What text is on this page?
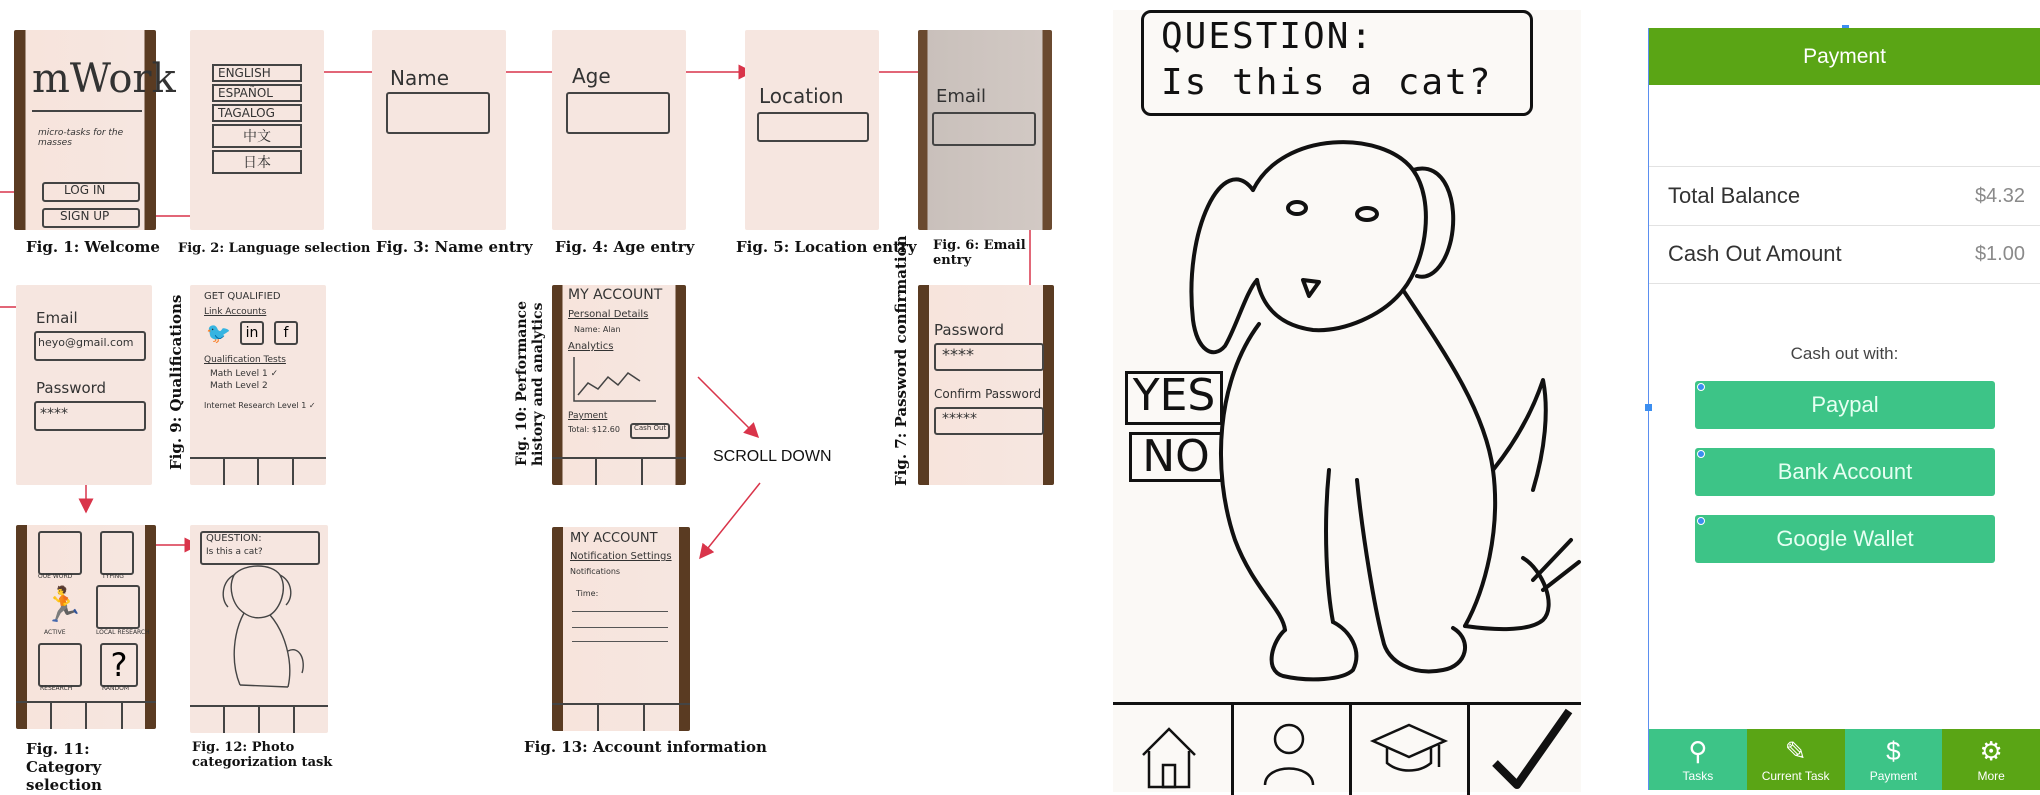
mWork
micro-tasks for the masses
LOG IN
SIGN UP
Fig. 1: Welcome
ENGLISH
ESPAÑOL
TAGALOG
中文
日本
Fig. 2: Language selection
Name
Fig. 3: Name entry
Age
Fig. 4: Age entry
Location
Fig. 5: Location entry
Email
Fig. 6: Email entry
Email
heyo@gmail.com
Password
****	Fig. 9: Qualifications GET QUALIFIED
Link Accounts
🐦	in	f
Qualification Tests
Math Level 1 ✓
Math Level 2
Internet Research Level 1 ✓	Fig. 10: Performance history and analytics
MY ACCOUNT
Personal Details
Name: Alan
Analytics
Payment
Total: $12.60 Cash Out
SCROLL DOWN	Fig. 7: Password confirmation Password
****
Confirm Password
*****
OUE WORD	TYPING
🏃
ACTIVE	LOCAL RESEARCH
RESEARCH
?
RANDOM
Fig. 11: Category selection
QUESTION:
Is this a cat?
Fig. 12: Photo categorization task
MY ACCOUNT
Notification Settings
Notifications
Time:
Fig. 13: Account information
QUESTION:
Is this a cat?
YES
NO
Payment
Total Balance	$4.32
Cash Out Amount	$1.00
Cash out with:
Paypal
Bank Account
Google Wallet
⚲
Tasks
✎
Current Task
$
Payment
⚙
More
